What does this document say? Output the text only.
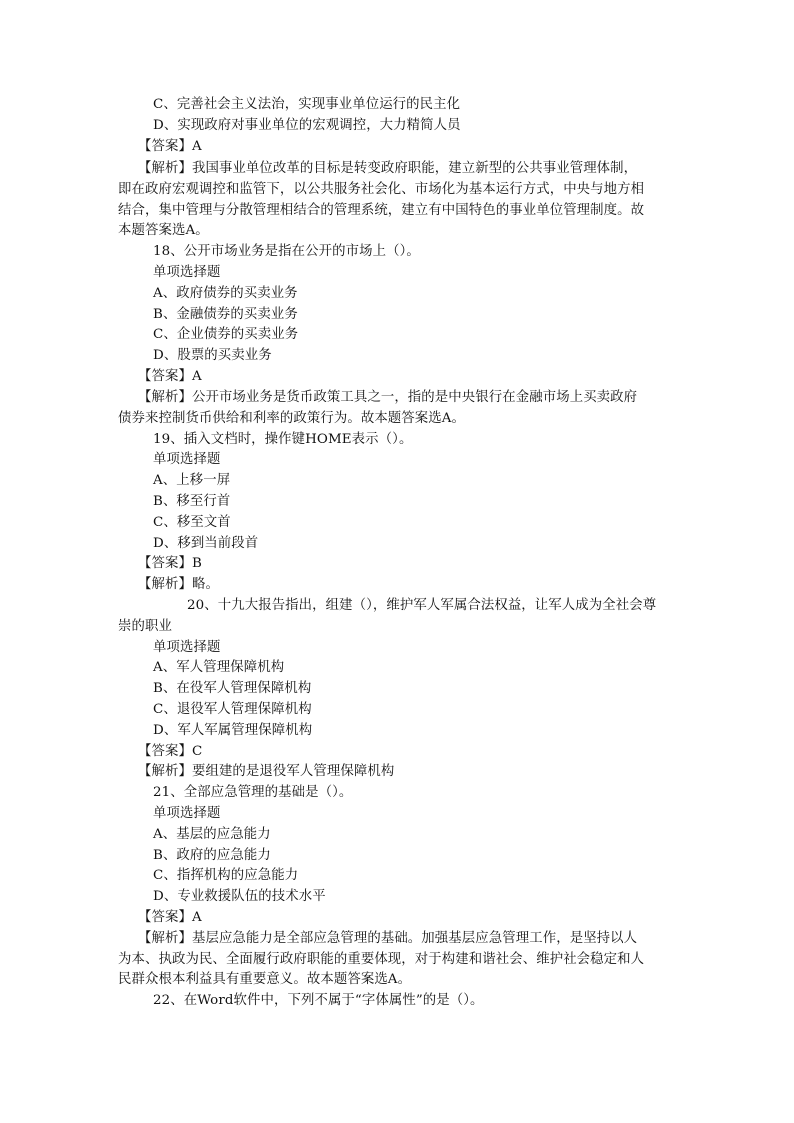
C、完善社会主义法治，实现事业单位运行的民主化
D、实现政府对事业单位的宏观调控，大力精简人员
【答案】A
【解析】我国事业单位改革的目标是转变政府职能，建立新型的公共事业管理体制，
即在政府宏观调控和监管下，以公共服务社会化、市场化为基本运行方式，中央与地方相
结合，集中管理与分散管理相结合的管理系统，建立有中国特色的事业单位管理制度。故
本题答案选A。
18、公开市场业务是指在公开的市场上（）。
单项选择题
A、政府债券的买卖业务
B、金融债券的买卖业务
C、企业债券的买卖业务
D、股票的买卖业务
【答案】A
【解析】公开市场业务是货币政策工具之一，指的是中央银行在金融市场上买卖政府
债券来控制货币供给和利率的政策行为。故本题答案选A。
19、插入文档时，操作键HOME表示（）。
单项选择题
A、上移一屏
B、移至行首
C、移至文首
D、移到当前段首
【答案】B
【解析】略。
20、十九大报告指出，组建（），维护军人军属合法权益，让军人成为全社会尊
崇的职业
单项选择题
A、军人管理保障机构
B、在役军人管理保障机构
C、退役军人管理保障机构
D、军人军属管理保障机构
【答案】C
【解析】要组建的是退役军人管理保障机构
21、全部应急管理的基础是（）。
单项选择题
A、基层的应急能力
B、政府的应急能力
C、指挥机构的应急能力
D、专业救援队伍的技术水平
【答案】A
【解析】基层应急能力是全部应急管理的基础。加强基层应急管理工作，是坚持以人
为本、执政为民、全面履行政府职能的重要体现，对于构建和谐社会、维护社会稳定和人
民群众根本利益具有重要意义。故本题答案选A。
22、在Word软件中，下列不属于“字体属性”的是（）。
